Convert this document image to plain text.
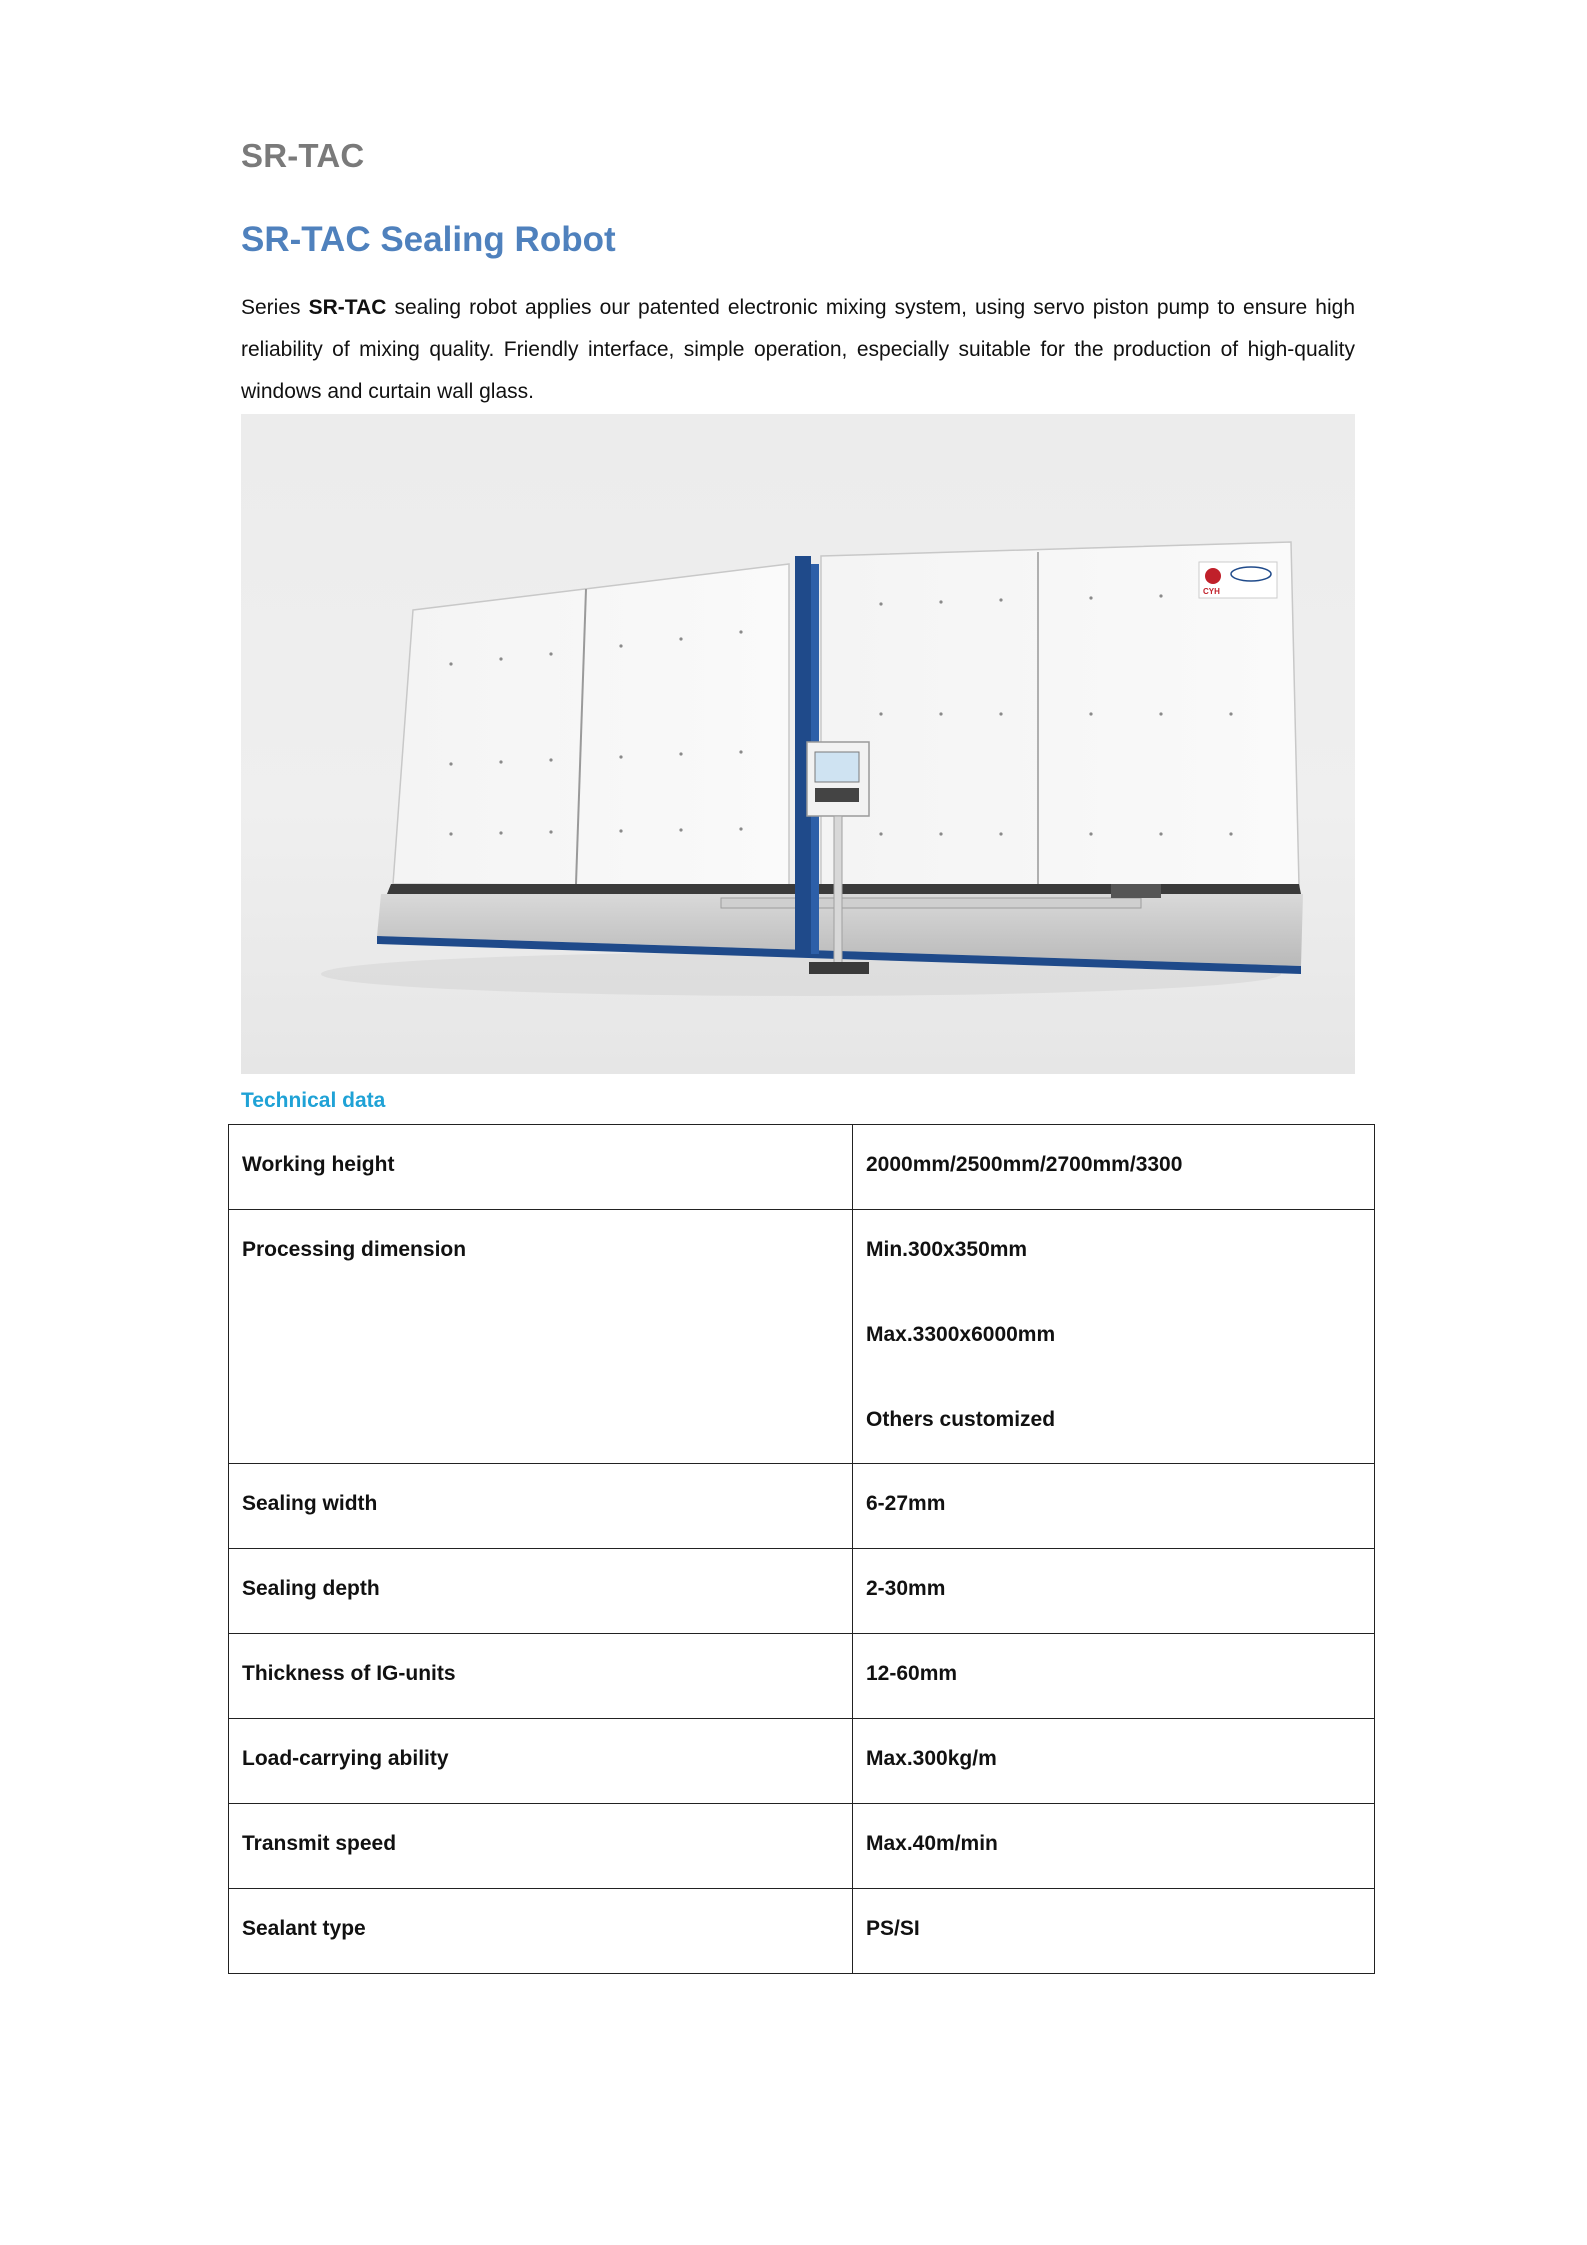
SR-TAC
SR-TAC Sealing Robot

Series SR-TAC sealing robot applies our patented electronic mixing system, using servo piston pump to ensure high reliability of mixing quality. Friendly interface, simple operation, especially suitable for the production of high-quality windows and curtain wall glass.

CYH
Technical data
Working height	2000mm/2500mm/2700mm/3300
Processing dimension	Min.300x350mm
Max.3300x6000mm
Others customized

Sealing width	6-27mm
Sealing depth	2-30mm
Thickness of IG-units	12-60mm
Load-carrying ability	Max.300kg/m
Transmit speed	Max.40m/min
Sealant type	PS/SI
